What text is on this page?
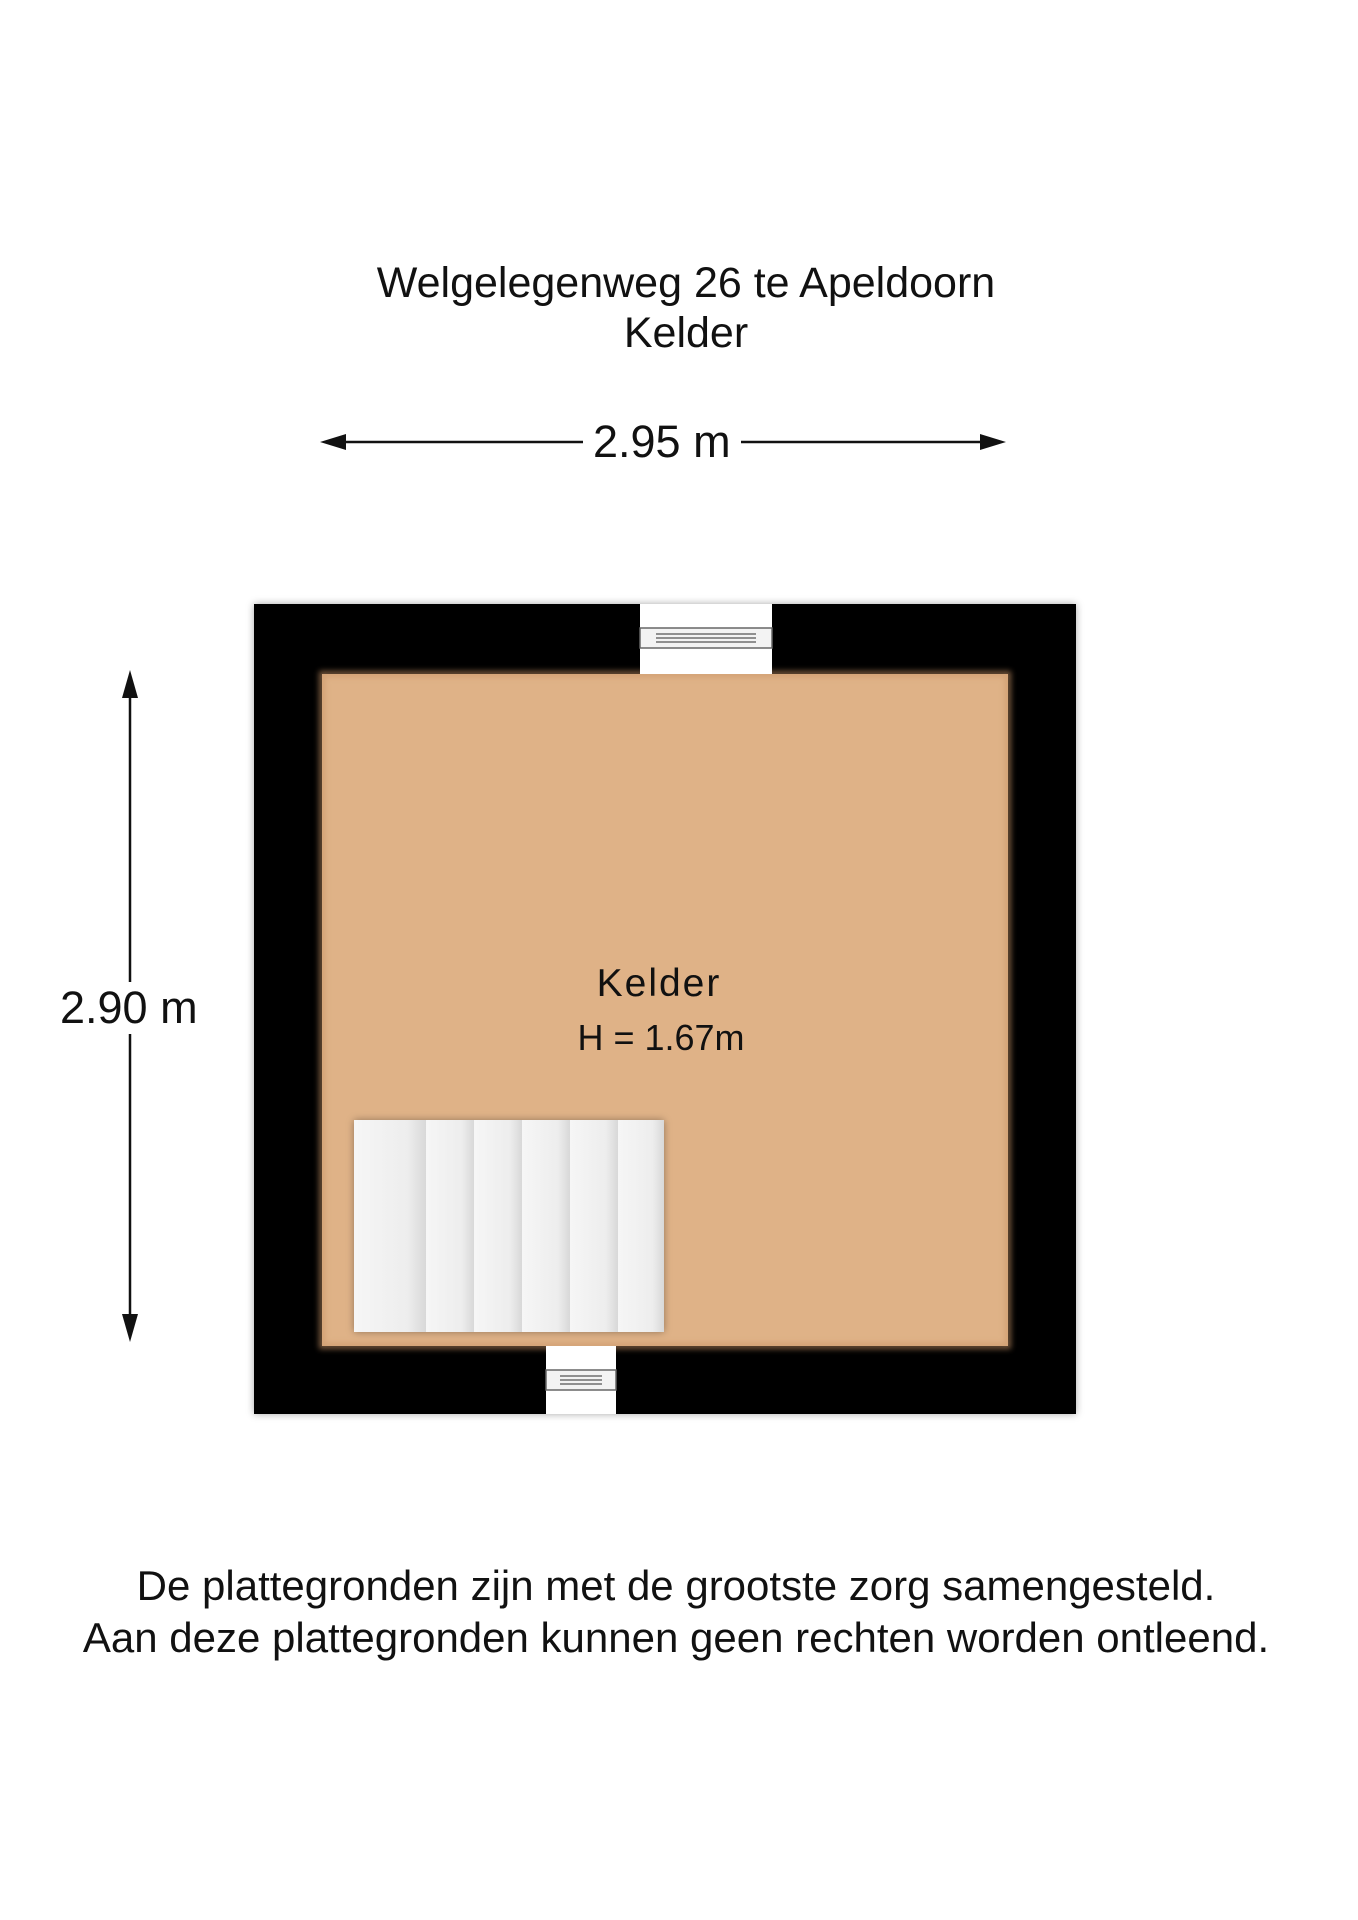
Welgelegenweg 26 te Apeldoorn
Kelder
2.95 m
2.90 m	Kelder
H = 1.67m
De plattegronden zijn met de grootste zorg samengesteld.
Aan deze plattegronden kunnen geen rechten worden ontleend.
